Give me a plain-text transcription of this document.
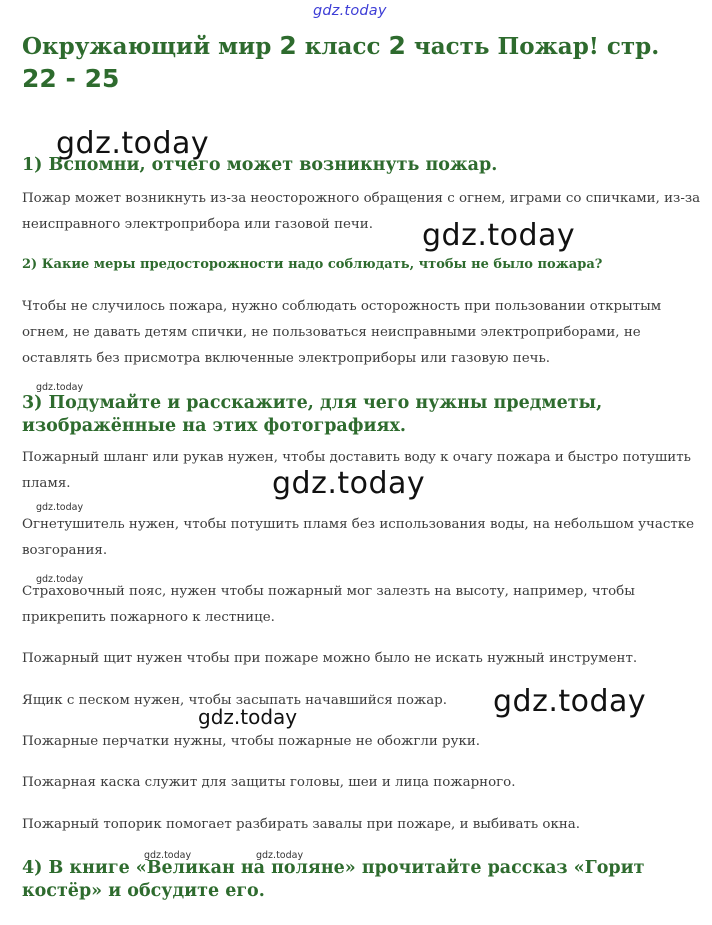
gdz.today
Окружающий мир 2 класс 2 часть Пожар! стр. 22 - 25
1) Вспомни, отчего может возникнуть пожар.

Пожар может возникнуть из-за неосторожного обращения с огнем, играми со спичками, из-за неисправного электроприбора или газовой печи.

2) Какие меры предосторожности надо соблюдать, чтобы не было пожара?

Чтобы не случилось пожара, нужно соблюдать осторожность при пользовании открытым огнем, не давать детям спички, не пользоваться неисправными электроприборами, не оставлять без присмотра включенные электроприборы или газовую печь.

3) Подумайте и расскажите, для чего нужны предметы, изображённые на этих фотографиях.

Пожарный шланг или рукав нужен, чтобы доставить воду к очагу пожара и быстро потушить пламя.

Огнетушитель нужен, чтобы потушить пламя без использования воды, на небольшом участке возгорания.

Страховочный пояс, нужен чтобы пожарный мог залезть на высоту, например, чтобы прикрепить пожарного к лестнице.

Пожарный щит нужен чтобы при пожаре можно было не искать нужный инструмент.

Ящик с песком нужен, чтобы засыпать начавшийся пожар.

Пожарные перчатки нужны, чтобы пожарные не обожгли руки.

Пожарная каска служит для защиты головы, шеи и лица пожарного.

Пожарный топорик помогает разбирать завалы при пожаре, и выбивать окна.

4) В книге «Великан на поляне» прочитайте рассказ «Горит костёр» и обсудите его.
gdz.today
gdz.today
gdz.today
gdz.today
gdz.today
gdz.today
gdz.today
gdz.today
gdz.today	gdz.today
